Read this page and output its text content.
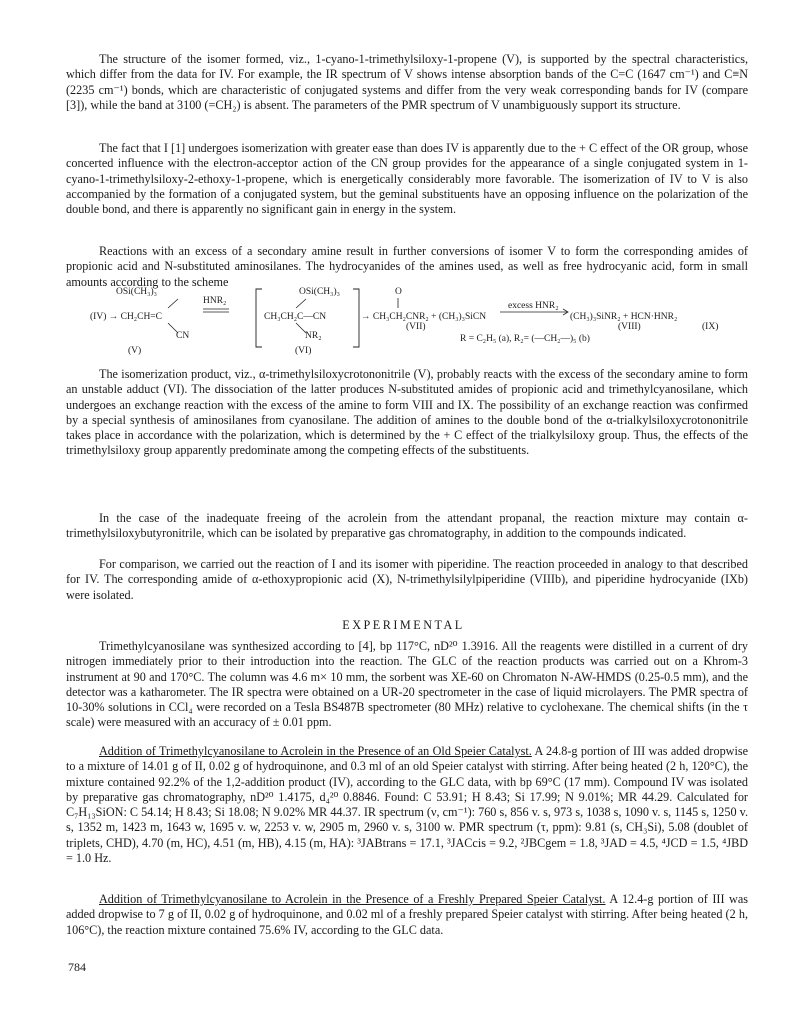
The structure of the isomer formed, viz., 1-cyano-1-trimethylsiloxy-1-propene (V), is supported by the spectral characteristics, which differ from the data for IV. For example, the IR spectrum of V shows intense absorption bands of the C=C (1647 cm⁻¹) and C≡N (2235 cm⁻¹) bonds, which are characteristic of conjugated systems and differ from the very weak corresponding bands for IV (compare [3]), while the band at 3100 (=CH₂) is absent. The parameters of the PMR spectrum of V unambiguously support its structure.

The fact that I [1] undergoes isomerization with greater ease than does IV is apparently due to the + C effect of the OR group, whose concerted influence with the electron-acceptor action of the CN group provides for the appearance of a single conjugated system in 1-cyano-1-trimethylsiloxy-2-ethoxy-1-propene, which is energetically considerably more favorable. The isomerization of IV to V is also accompanied by the formation of a conjugated system, but the geminal substituents have an opposing influence on the polarization of the double bond, and there is apparently no significant gain in energy in the system.

Reactions with an excess of a secondary amine result in further conversions of isomer V to form the corresponding amides of propionic acid and N-substituted aminosilanes. The hydrocyanides of the amines used, as well as free hydrocyanic acid, form in small amounts according to the scheme

OSi(CH₃)₃
HNR₂
(IV) → CH₂CH=C
CN
(V)
OSi(CH₃)₃
CH₃CH₂C—CN
NR₂
(VI)
O
→ CH₃CH₂CNR₂ + (CH₃)₃SiCN
(VII)
excess HNR₂
(CH₃)₃SiNR₂ + HCN·HNR₂
(VIII)	(IX)
R = C₂H₅ (a), R₂= (—CH₂—)₅ (b)

The isomerization product, viz., α-trimethylsiloxycrotononitrile (V), probably reacts with the excess of the secondary amine to form an unstable adduct (VI). The dissociation of the latter produces N-substituted amides of propionic acid and trimethylcyanosilane, which undergoes an exchange reaction with the excess of the amine to form VIII and IX. The possibility of an exchange reaction was confirmed by a special synthesis of aminosilanes from cyanosilane. The addition of amines to the double bond of the α-trialkylsiloxycrotononitrile takes place in accordance with the polarization, which is determined by the + C effect of the trialkylsiloxy group. Thus, the effects of the trimethylsiloxy group apparently predominate among the competing effects of the substituents.

In the case of the inadequate freeing of the acrolein from the attendant propanal, the reaction mixture may contain α-trimethylsiloxybutyronitrile, which can be isolated by preparative gas chromatography, in addition to the compounds indicated.

For comparison, we carried out the reaction of I and its isomer with piperidine. The reaction proceeded in analogy to that described for IV. The corresponding amide of α-ethoxypropionic acid (X), N-trimethylsilylpiperidine (VIIIb), and piperidine hydrocyanide (IXb) were isolated.

EXPERIMENTAL

Trimethylcyanosilane was synthesized according to [4], bp 117°C, nD²⁰ 1.3916. All the reagents were distilled in a current of dry nitrogen immediately prior to their introduction into the reaction. The GLC of the reaction products was carried out on a Khrom-3 instrument at 90 and 170°C. The column was 4.6 m× 10 mm, the sorbent was XE-60 on Chromaton N-AW-HMDS (0.25-0.5 mm), and the detector was a katharometer. The IR spectra were obtained on a UR-20 spectrometer in the case of liquid microlayers. The PMR spectra of 10-30% solutions in CCl₄ were recorded on a Tesla BS487B spectrometer (80 MHz) relative to cyclohexane. The chemical shifts (in the τ scale) were measured with an accuracy of ± 0.01 ppm.

Addition of Trimethylcyanosilane to Acrolein in the Presence of an Old Speier Catalyst. A 24.8-g portion of III was added dropwise to a mixture of 14.01 g of II, 0.02 g of hydroquinone, and 0.3 ml of an old Speier catalyst with stirring. After being heated (2 h, 120°C), the mixture contained 92.2% of the 1,2-addition product (IV), according to the GLC data, with bp 69°C (17 mm). Compound IV was isolated by preparative gas chromatography, nD²⁰ 1.4175, d₄²⁰ 0.8846. Found: C 53.91; H 8.43; Si 17.99; N 9.01%; MR 44.29. Calculated for C₇H₁₃SiON: C 54.14; H 8.43; Si 18.08; N 9.02% MR 44.37. IR spectrum (ν, cm⁻¹): 760 s, 856 v. s, 973 s, 1038 s, 1090 v. s, 1145 s, 1250 v. s, 1352 m, 1423 m, 1643 w, 1695 v. w, 2253 v. w, 2905 m, 2960 v. s, 3100 w. PMR spectrum (τ, ppm): 9.81 (s, CH₃Si), 5.08 (doublet of triplets, CHD), 4.70 (m, HC), 4.51 (m, HB), 4.15 (m, HA): ³JABtrans = 17.1, ³JACcis = 9.2, ²JBCgem = 1.8, ³JAD = 4.5, ⁴JCD = 1.5, ⁴JBD = 1.0 Hz.

Addition of Trimethylcyanosilane to Acrolein in the Presence of a Freshly Prepared Speier Catalyst. A 12.4-g portion of III was added dropwise to 7 g of II, 0.02 g of hydroquinone, and 0.02 ml of a freshly prepared Speier catalyst with stirring. After being heated (2 h, 106°C), the reaction mixture contained 75.6% IV, according to the GLC data.

784
